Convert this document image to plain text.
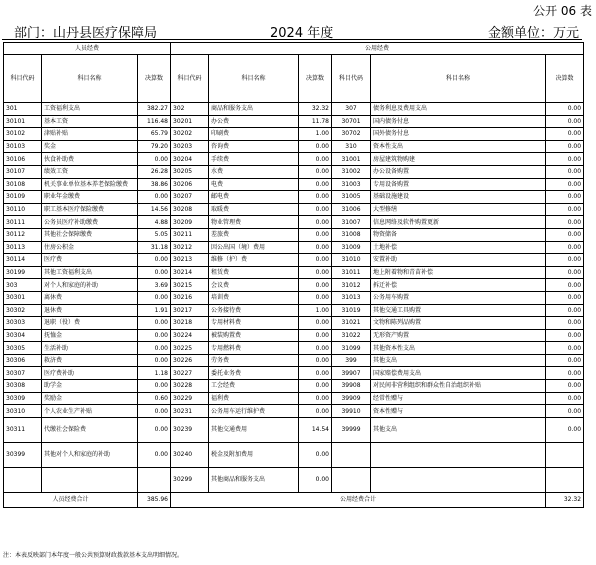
公开 06 表
部门：山丹县医疗保障局	2024 年度	金额单位：万元
人员经费			公用经费					
科目代码	科目名称	决算数	科目代码	科目名称	决算数	科目代码	科目名称	决算数
301	工资福利支出	382.27	302	商品和服务支出	32.32	307	债务利息及费用支出	0.00
30101	基本工资	116.48	30201	办公费	11.78	30701	国内债务付息	0.00
30102	津贴补贴	65.79	30202	印刷费	1.00	30702	国外债务付息	0.00
30103	奖金	79.20	30203	咨询费	0.00	310	资本性支出	0.00
30106	伙食补助费	0.00	30204	手续费	0.00	31001	房屋建筑物购建	0.00
30107	绩效工资	26.28	30205	水费	0.00	31002	办公设备购置	0.00
30108	机关事业单位基本养老保险缴费	38.86	30206	电费	0.00	31003	专用设备购置	0.00
30109	职业年金缴费	0.00	30207	邮电费	0.00	31005	基础设施建设	0.00
30110	职工基本医疗保险缴费	14.56	30208	取暖费	0.00	31006	大型修缮	0.00
30111	公务员医疗补助缴费	4.88	30209	物业管理费	0.00	31007	信息网络及软件购置更新	0.00
30112	其他社会保障缴费	5.05	30211	差旅费	0.00	31008	物资储备	0.00
30113	住房公积金	31.18	30212	因公出国（境）费用	0.00	31009	土地补偿	0.00
30114	医疗费	0.00	30213	维修（护）费	0.00	31010	安置补助	0.00
30199	其他工资福利支出	0.00	30214	租赁费	0.00	31011	地上附着物和青苗补偿	0.00
303	对个人和家庭的补助	3.69	30215	会议费	0.00	31012	拆迁补偿	0.00
30301	离休费	0.00	30216	培训费	0.00	31013	公务用车购置	0.00
30302	退休费	1.91	30217	公务接待费	1.00	31019	其他交通工具购置	0.00
30303	退职（役）费	0.00	30218	专用材料费	0.00	31021	文物和陈列品购置	0.00
30304	抚恤金	0.00	30224	被装购置费	0.00	31022	无形资产购置	0.00
30305	生活补助	0.00	30225	专用燃料费	0.00	31099	其他资本性支出	0.00
30306	救济费	0.00	30226	劳务费	0.00	399	其他支出	0.00
30307	医疗费补助	1.18	30227	委托业务费	0.00	39907	国家赔偿费用支出	0.00
30308	助学金	0.00	30228	工会经费	0.00	39908	对民间非营利组织和群众性自治组织补贴	0.00
30309	奖励金	0.60	30229	福利费	0.00	39909	经常性赠与	0.00
30310	个人农业生产补贴	0.00	30231	公务用车运行维护费	0.00	39910	资本性赠与	0.00
30311	代缴社会保险费	0.00	30239	其他交通费用	14.54	39999	其他支出	0.00
30399	其他对个人和家庭的补助	0.00	30240	税金及附加费用	0.00			
			30299	其他商品和服务支出	0.00			
人员经费合计		385.96	公用经费合计					32.32
注：本表反映部门本年度一般公共预算财政拨款基本支出明细情况。
